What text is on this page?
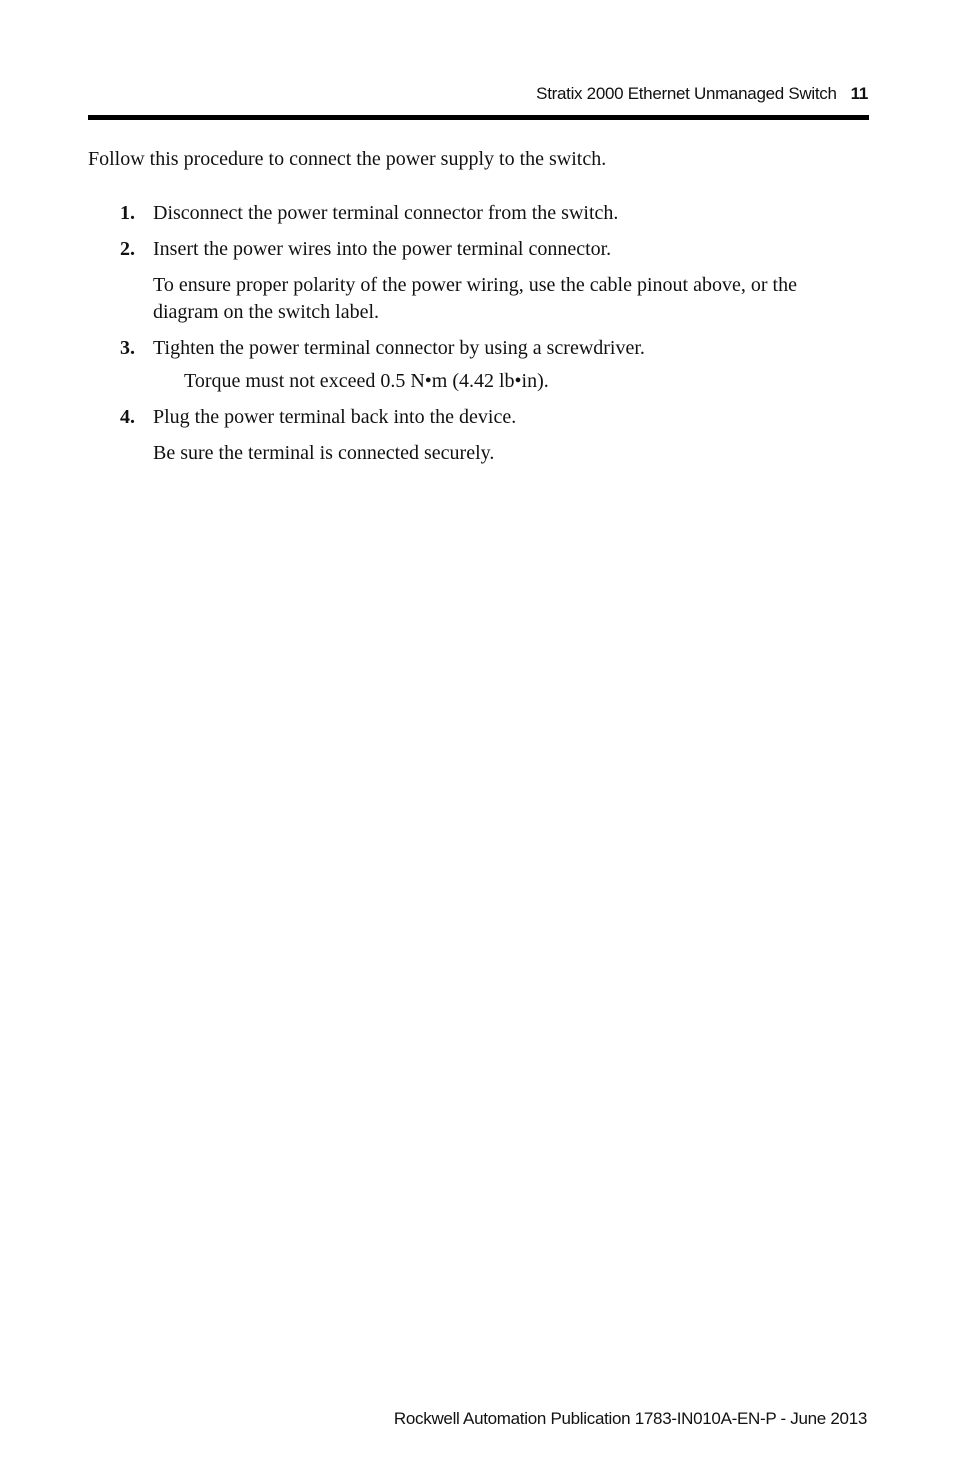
Stratix 2000 Ethernet Unmanaged Switch 11

Follow this procedure to connect the power supply to the switch.

1. Disconnect the power terminal connector from the switch.
2. Insert the power wires into the power terminal connector.
To ensure proper polarity of the power wiring, use the cable pinout above, or the diagram on the switch label.
3. Tighten the power terminal connector by using a screwdriver.
Torque must not exceed 0.5 N•m (4.42 lb•in).
4. Plug the power terminal back into the device.
Be sure the terminal is connected securely.
Rockwell Automation Publication 1783-IN010A-EN-P - June 2013
